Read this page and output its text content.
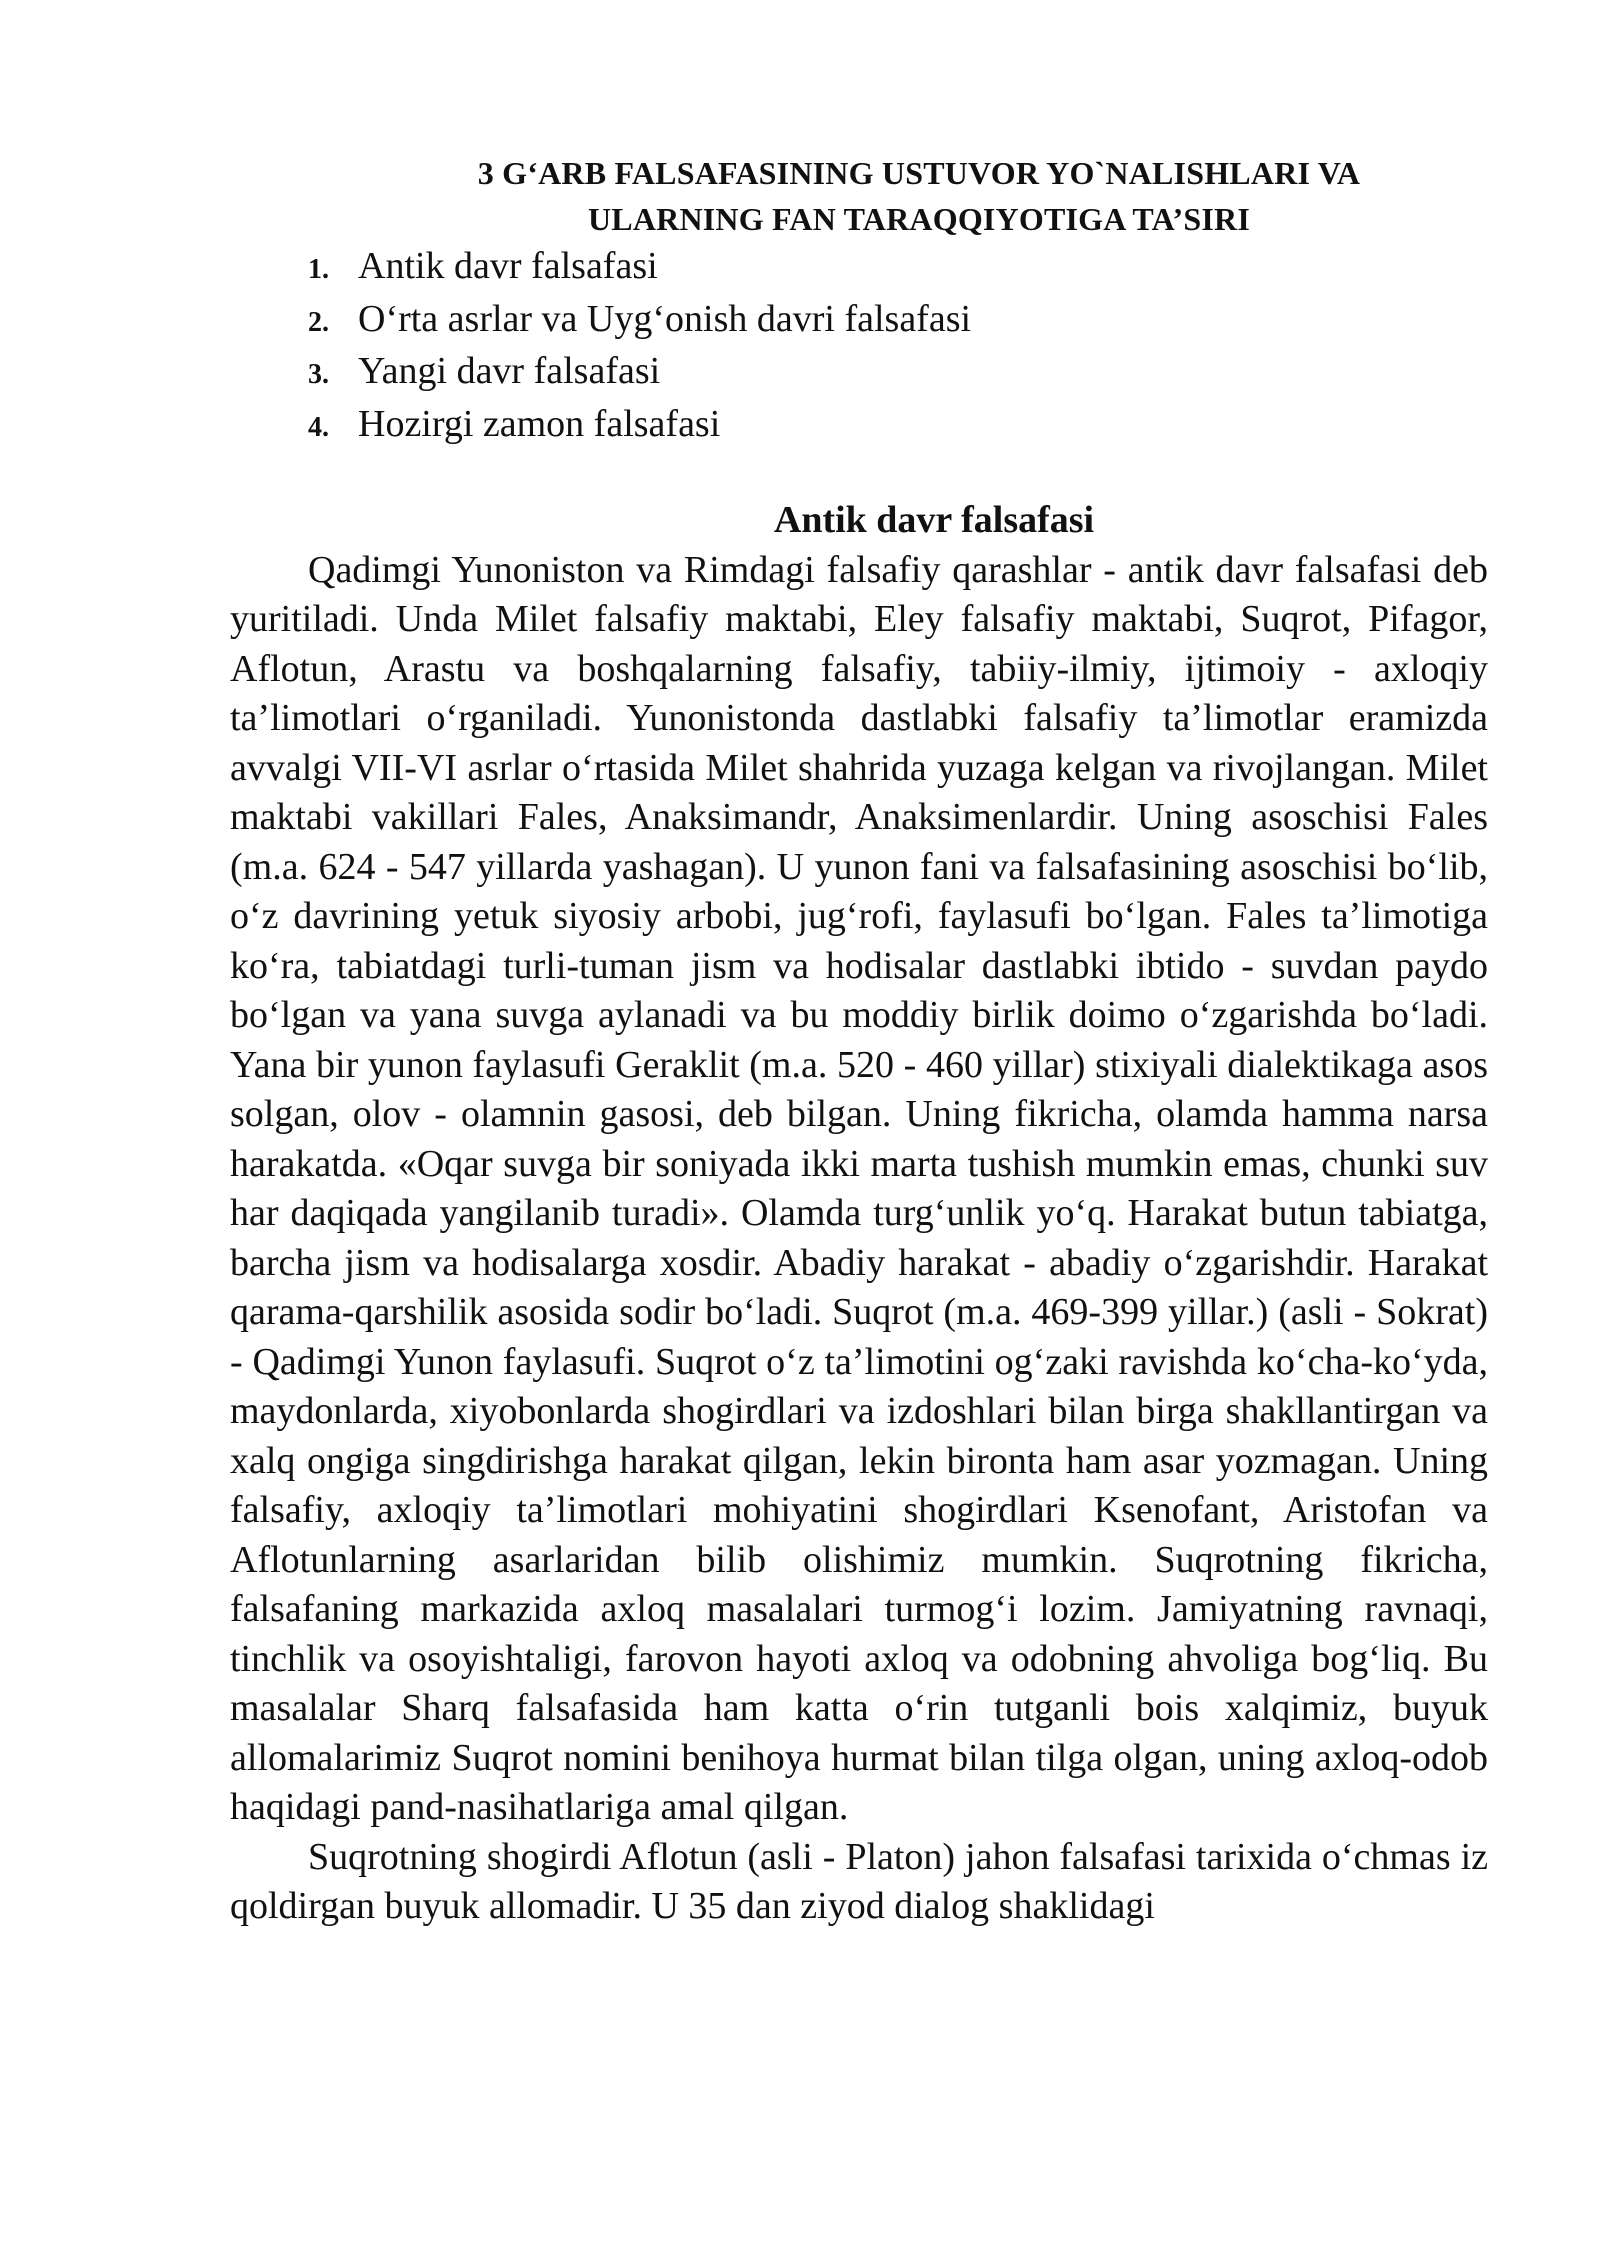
3 G‘ARB FALSAFASINING USTUVOR YO`NALISHLARI VA
ULARNING FAN TARAQQIYOTIGA TA’SIRI
1. Antik davr falsafasi
2. O‘rta asrlar va Uyg‘onish davri falsafasi
3. Yangi davr falsafasi
4. Hozirgi zamon falsafasi
Antik davr falsafasi

Qadimgi Yunoniston va Rimdagi falsafiy qarashlar - antik davr falsafasi deb yuritiladi. Unda Milet falsafiy maktabi, Eley falsafiy maktabi, Suqrot, Pifagor, Aflotun, Arastu va boshqalarning falsafiy, tabiiy-ilmiy, ijtimoiy - axloqiy ta’limotlari o‘rganiladi. Yunonistonda dastlabki falsafiy ta’limotlar eramizda avvalgi VII-VI asrlar o‘rtasida Milet shahrida yuzaga kelgan va rivojlangan. Milet maktabi vakillari Fales, Anaksimandr, Anaksimenlardir. Uning asoschisi Fales (m.a. 624 - 547 yillarda yashagan). U yunon fani va falsafasining asoschisi bo‘lib, o‘z davrining yetuk siyosiy arbobi, jug‘rofi, faylasufi bo‘lgan. Fales ta’limotiga ko‘ra, tabiatdagi turli-tuman jism va hodisalar dastlabki ibtido - suvdan paydo bo‘lgan va yana suvga aylanadi va bu moddiy birlik doimo o‘zgarishda bo‘ladi. Yana bir yunon faylasufi Geraklit (m.a. 520 - 460 yillar) stixiyali dialektikaga asos solgan, olov - olamnin gasosi, deb bilgan. Uning fikricha, olamda hamma narsa harakatda. «Oqar suvga bir soniyada ikki marta tushish mumkin emas, chunki suv har daqiqada yangilanib turadi». Olamda turg‘unlik yo‘q. Harakat butun tabiatga, barcha jism va hodisalarga xosdir. Abadiy harakat - abadiy o‘zgarishdir. Harakat qarama-qarshilik asosida sodir bo‘ladi. Suqrot (m.a. 469-399 yillar.) (asli - Sokrat) - Qadimgi Yunon faylasufi. Suqrot o‘z ta’limotini og‘zaki ravishda ko‘cha-ko‘yda, maydonlarda, xiyobonlarda shogirdlari va izdoshlari bilan birga shakllantirgan va xalq ongiga singdirishga harakat qilgan, lekin bironta ham asar yozmagan. Uning falsafiy, axloqiy ta’limotlari mohiyatini shogirdlari Ksenofant, Aristofan va Aflotunlarning asarlaridan bilib olishimiz mumkin. Suqrotning fikricha, falsafaning markazida axloq masalalari turmog‘i lozim. Jamiyatning ravnaqi, tinchlik va osoyishtaligi, farovon hayoti axloq va odobning ahvoliga bog‘liq. Bu masalalar Sharq falsafasida ham katta o‘rin tutganli bois xalqimiz, buyuk allomalarimiz Suqrot nomini benihoya hurmat bilan tilga olgan, uning axloq-odob haqidagi pand-nasihatlariga amal qilgan.

Suqrotning shogirdi Aflotun (asli - Platon) jahon falsafasi tarixida o‘chmas iz qoldirgan buyuk allomadir. U 35 dan ziyod dialog shaklidagi
